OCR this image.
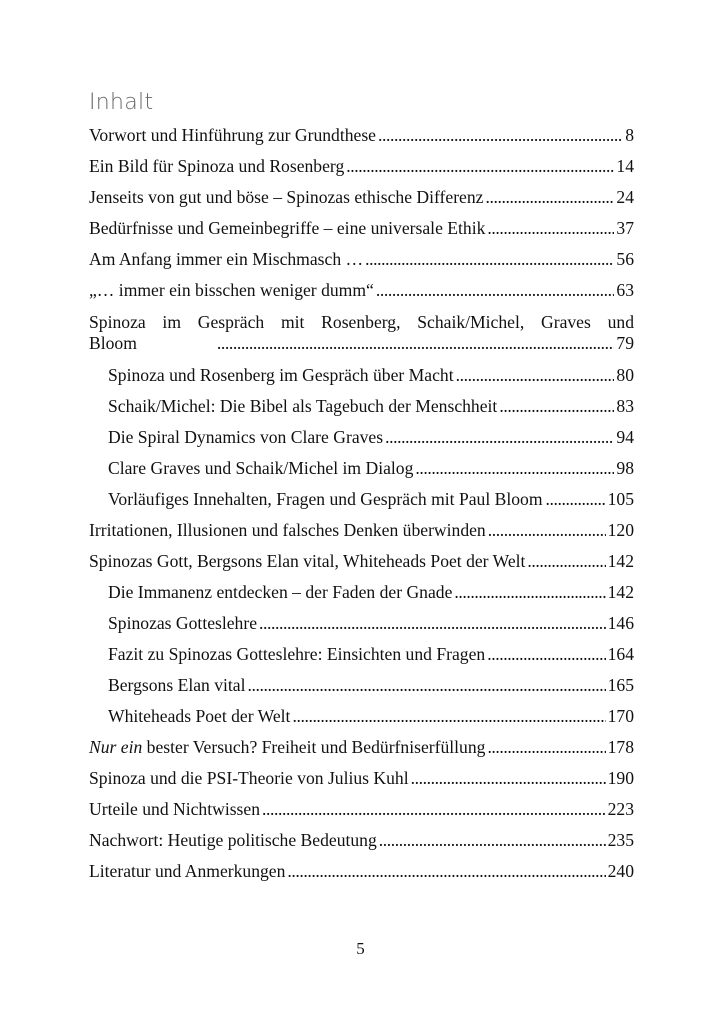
Inhalt
Vorwort und Hinführung zur Grundthese . . .	8
Ein Bild für Spinoza und Rosenberg . . .	14
Jenseits von gut und böse – Spinozas ethische Differenz . . .	24
Bedürfnisse und Gemeinbegriffe – eine universale Ethik . . .	37
Am Anfang immer ein Mischmasch … . . .	56
„… immer ein bisschen weniger dumm“ . . .	63
Spinoza im Gespräch mit Rosenberg, Schaik/Michel, Graves und
Bloom . . .	79
Spinoza und Rosenberg im Gespräch über Macht . . .	80
Schaik/Michel: Die Bibel als Tagebuch der Menschheit . . .	83
Die Spiral Dynamics von Clare Graves . . .	94
Clare Graves und Schaik/Michel im Dialog . . .	98
Vorläufiges Innehalten, Fragen und Gespräch mit Paul Bloom . . .	105
Irritationen, Illusionen und falsches Denken überwinden . . .	120
Spinozas Gott, Bergsons Elan vital, Whiteheads Poet der Welt . . .	142
Die Immanenz entdecken – der Faden der Gnade . . .	142
Spinozas Gotteslehre . . .	146
Fazit zu Spinozas Gotteslehre: Einsichten und Fragen . . .	164
Bergsons Elan vital . . .	165
Whiteheads Poet der Welt . . .	170
Nur ein bester Versuch? Freiheit und Bedürfniserfüllung . . .	178
Spinoza und die PSI-Theorie von Julius Kuhl . . .	190
Urteile und Nichtwissen . . .	223
Nachwort: Heutige politische Bedeutung . . .	235
Literatur und Anmerkungen . . .	240
5
